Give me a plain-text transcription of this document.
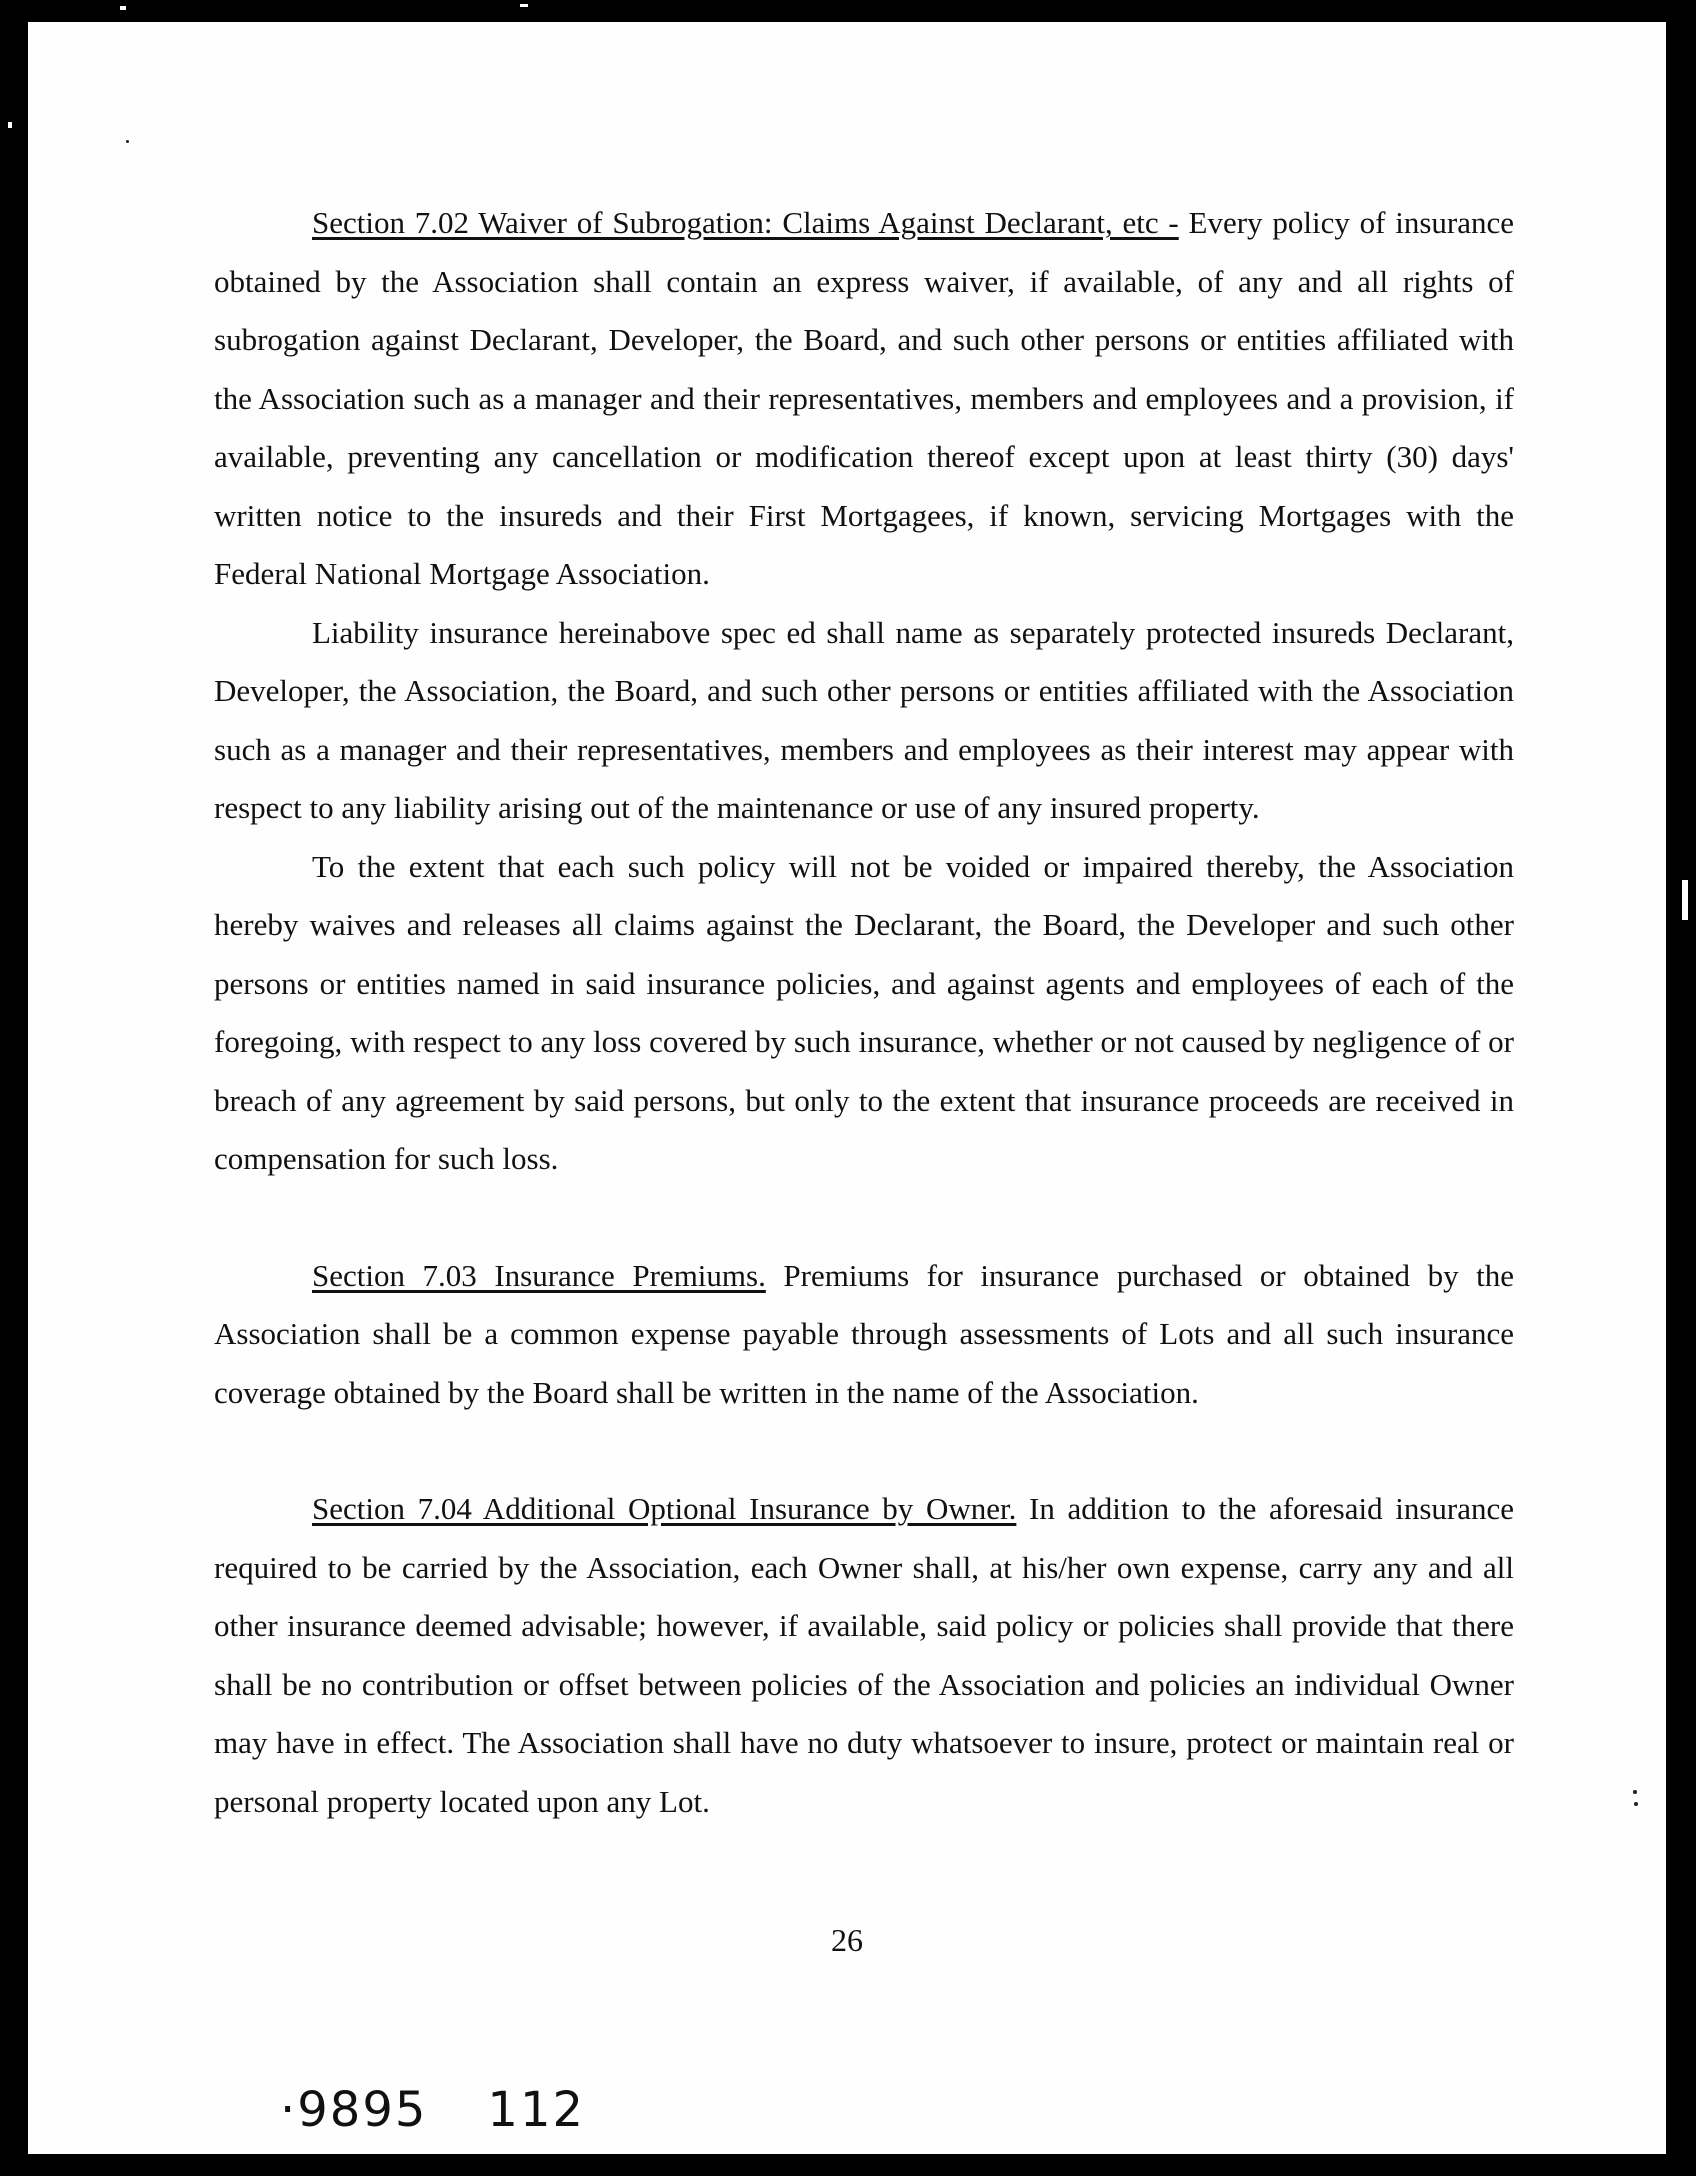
Section 7.02 Waiver of Subrogation: Claims Against Declarant, etc - Every policy of insurance obtained by the Association shall contain an express waiver, if available, of any and all rights of subrogation against Declarant, Developer, the Board, and such other persons or entities affiliated with the Association such as a manager and their representatives, members and employees and a provision, if available, preventing any cancellation or modification thereof except upon at least thirty (30) days' written notice to the insureds and their First Mortgagees, if known, servicing Mortgages with the Federal National Mortgage Association.

Liability insurance hereinabove spec ed shall name as separately protected insureds Declarant, Developer, the Association, the Board, and such other persons or entities affiliated with the Association such as a manager and their representatives, members and employees as their interest may appear with respect to any liability arising out of the maintenance or use of any insured property.

To the extent that each such policy will not be voided or impaired thereby, the Association hereby waives and releases all claims against the Declarant, the Board, the Developer and such other persons or entities named in said insurance policies, and against agents and employees of each of the foregoing, with respect to any loss covered by such insurance, whether or not caused by negligence of or breach of any agreement by said persons, but only to the extent that insurance proceeds are received in compensation for such loss.

Section 7.03 Insurance Premiums. Premiums for insurance purchased or obtained by the Association shall be a common expense payable through assessments of Lots and all such insurance coverage obtained by the Board shall be written in the name of the Association.

Section 7.04 Additional Optional Insurance by Owner. In addition to the aforesaid insurance required to be carried by the Association, each Owner shall, at his/her own expense, carry any and all other insurance deemed advisable; however, if available, said policy or policies shall provide that there shall be no contribution or offset between policies of the Association and policies an individual Owner may have in effect. The Association shall have no duty whatsoever to insure, protect or maintain real or personal property located upon any Lot.

26
·9895 112
